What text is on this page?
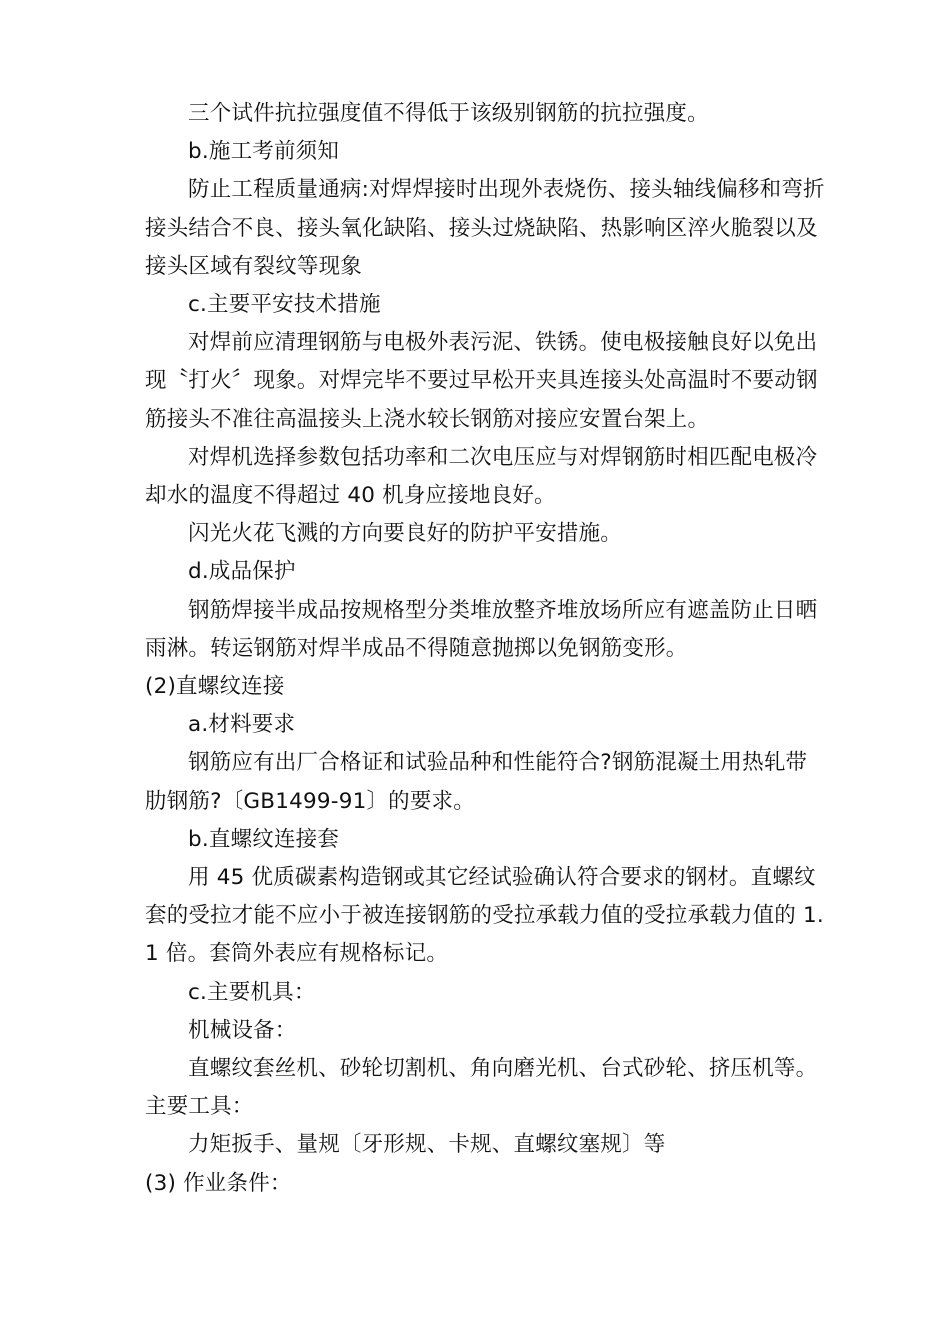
三个试件抗拉强度值不得低于该级别钢筋的抗拉强度。

b.施工考前须知

防止工程质量通病:对焊焊接时出现外表烧伤、接头轴线偏移和弯折接头结合不良、接头氧化缺陷、接头过烧缺陷、热影响区淬火脆裂以及接头区域有裂纹等现象

c.主要平安技术措施

对焊前应清理钢筋与电极外表污泥、铁锈。使电极接触良好以免出现〝打火〞现象。对焊完毕不要过早松开夹具连接头处高温时不要动钢筋接头不准往高温接头上浇水较长钢筋对接应安置台架上。

对焊机选择参数包括功率和二次电压应与对焊钢筋时相匹配电极冷却水的温度不得超过 40 机身应接地良好。

闪光火花飞溅的方向要良好的防护平安措施。

d.成品保护

钢筋焊接半成品按规格型分类堆放整齐堆放场所应有遮盖防止日晒雨淋。转运钢筋对焊半成品不得随意抛掷以免钢筋变形。

(2)直螺纹连接

a.材料要求

钢筋应有出厂合格证和试验品种和性能符合?钢筋混凝土用热轧带肋钢筋?〔GB1499-91〕的要求。

b.直螺纹连接套

用 45 优质碳素构造钢或其它经试验确认符合要求的钢材。直螺纹套的受拉才能不应小于被连接钢筋的受拉承载力值的受拉承载力值的 1.1 倍。套筒外表应有规格标记。

c.主要机具：

机械设备：

直螺纹套丝机、砂轮切割机、角向磨光机、台式砂轮、挤压机等。

主要工具：

力矩扳手、量规〔牙形规、卡规、直螺纹塞规〕等

(3) 作业条件：
